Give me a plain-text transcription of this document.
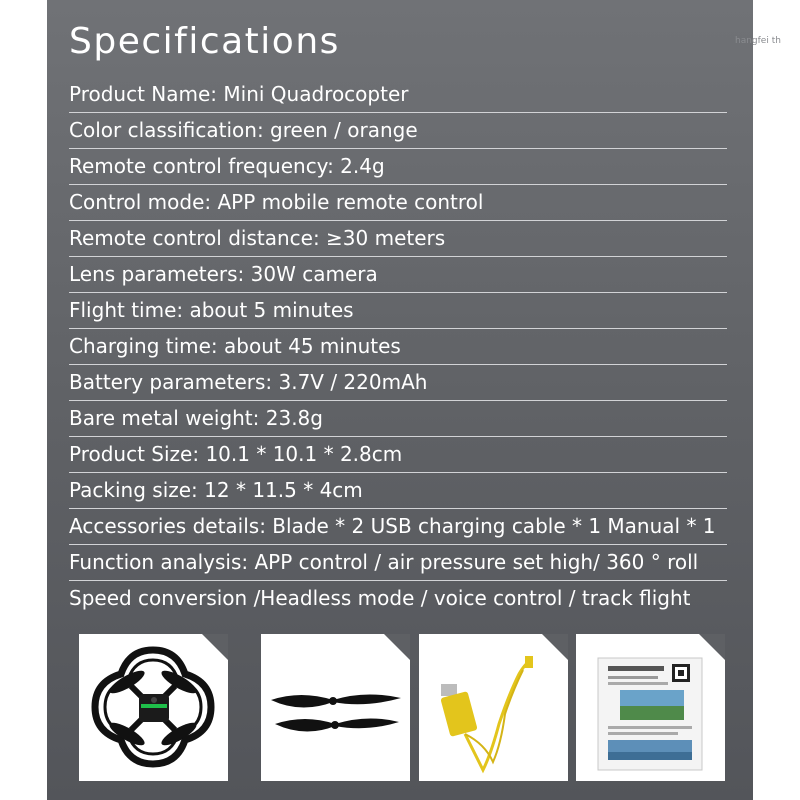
Specifications
Product Name: Mini Quadrocopter
Color classification: green / orange
Remote control frequency: 2.4g
Control mode: APP mobile remote control
Remote control distance: ≥30 meters
Lens parameters: 30W camera
Flight time: about 5 minutes
Charging time: about 45 minutes
Battery parameters: 3.7V / 220mAh
Bare metal weight: 23.8g
Product Size: 10.1 * 10.1 * 2.8cm
Packing size: 12 * 11.5 * 4cm
Accessories details: Blade * 2 USB charging cable * 1 Manual * 1
Function analysis: APP control / air pressure set high/ 360 ° roll
Speed conversion /Headless mode / voice control / track flight
hangfei th
